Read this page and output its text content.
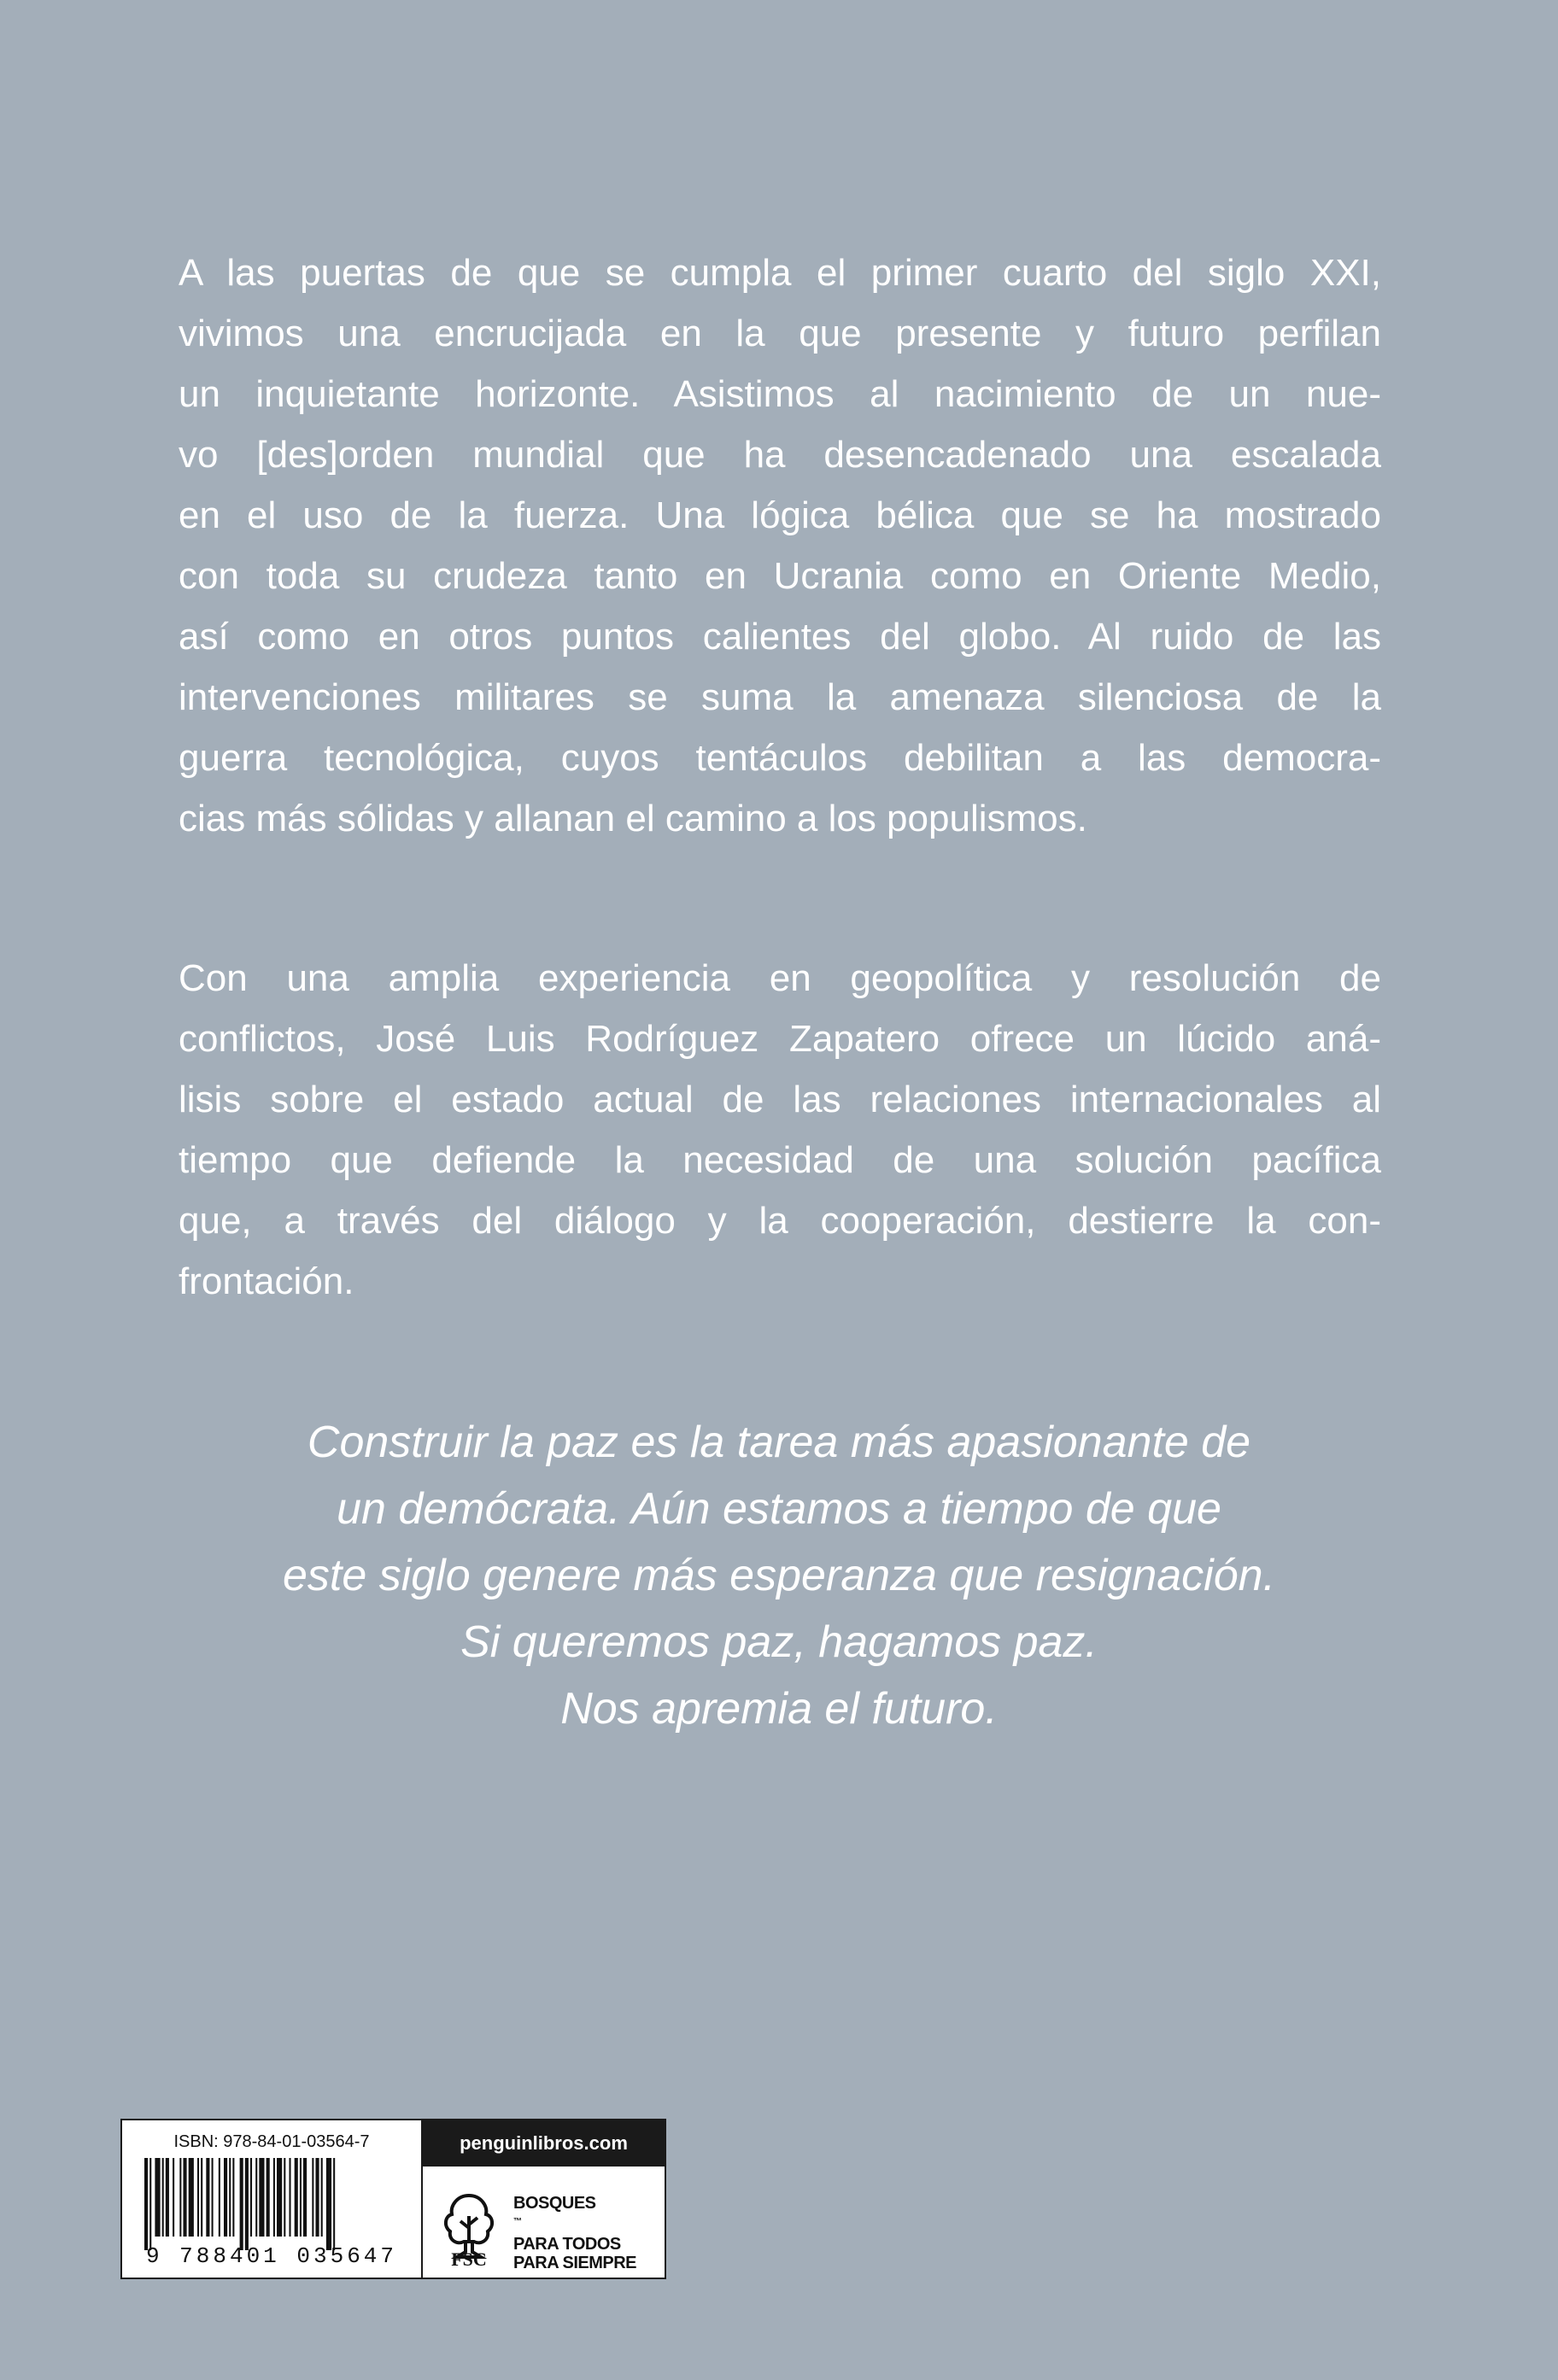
A las puertas de que se cumpla el primer cuarto del siglo XXI,
vivimos una encrucijada en la que presente y futuro perfilan
un inquietante horizonte. Asistimos al nacimiento de un nue-
vo [des]orden mundial que ha desencadenado una escalada
en el uso de la fuerza. Una lógica bélica que se ha mostrado
con toda su crudeza tanto en Ucrania como en Oriente Medio,
así como en otros puntos calientes del globo. Al ruido de las
intervenciones militares se suma la amenaza silenciosa de la
guerra tecnológica, cuyos tentáculos debilitan a las democra-
cias más sólidas y allanan el camino a los populismos.
Con una amplia experiencia en geopolítica y resolución de
conflictos, José Luis Rodríguez Zapatero ofrece un lúcido aná-
lisis sobre el estado actual de las relaciones internacionales al
tiempo que defiende la necesidad de una solución pacífica
que, a través del diálogo y la cooperación, destierre la con-
frontación.
Construir la paz es la tarea más apasionante de
un demócrata. Aún estamos a tiempo de que
este siglo genere más esperanza que resignación.
Si queremos paz, hagamos paz.
Nos apremia el futuro.
ISBN: 978-84-01-03564-7
9 788401 035647
penguinlibros.com
FSC
BOSQUES
™
PARA TODOS
PARA SIEMPRE
